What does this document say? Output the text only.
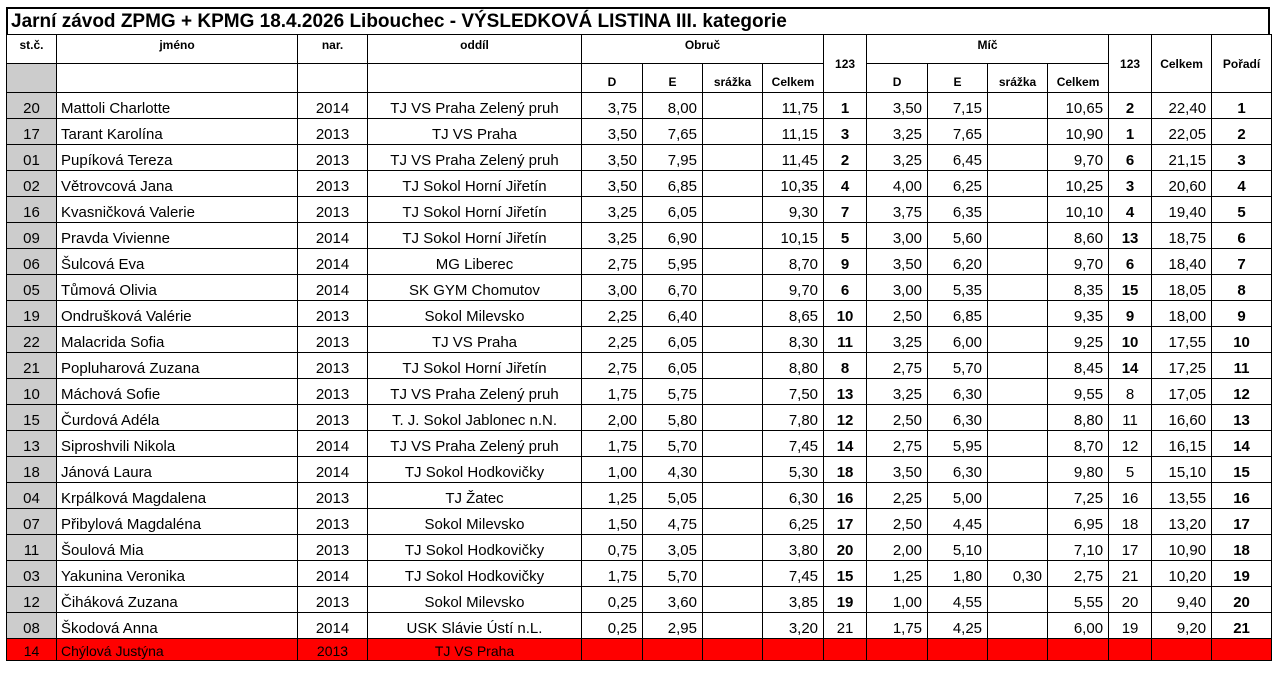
Jarní závod ZPMG + KPMG 18.4.2026 Libouchec - VÝSLEDKOVÁ LISTINA III. kategorie
st.č.	jméno	nar.	oddíl	Obruč				123	Míč				123	Celkem	Pořadí
				D	E	srážka	Celkem		D	E	srážka	Celkem			
20	Mattoli Charlotte	2014	TJ VS Praha Zelený pruh	3,75	8,00		11,75	1	3,50	7,15		10,65	2	22,40	1
17	Tarant Karolína	2013	TJ VS Praha	3,50	7,65		11,15	3	3,25	7,65		10,90	1	22,05	2
01	Pupíková Tereza	2013	TJ VS Praha Zelený pruh	3,50	7,95		11,45	2	3,25	6,45		9,70	6	21,15	3
02	Větrovcová Jana	2013	TJ Sokol Horní Jiřetín	3,50	6,85		10,35	4	4,00	6,25		10,25	3	20,60	4
16	Kvasničková Valerie	2013	TJ Sokol Horní Jiřetín	3,25	6,05		9,30	7	3,75	6,35		10,10	4	19,40	5
09	Pravda Vivienne	2014	TJ Sokol Horní Jiřetín	3,25	6,90		10,15	5	3,00	5,60		8,60	13	18,75	6
06	Šulcová Eva	2014	MG Liberec	2,75	5,95		8,70	9	3,50	6,20		9,70	6	18,40	7
05	Tůmová Olivia	2014	SK GYM Chomutov	3,00	6,70		9,70	6	3,00	5,35		8,35	15	18,05	8
19	Ondrušková Valérie	2013	Sokol Milevsko	2,25	6,40		8,65	10	2,50	6,85		9,35	9	18,00	9
22	Malacrida Sofia	2013	TJ VS Praha	2,25	6,05		8,30	11	3,25	6,00		9,25	10	17,55	10
21	Popluharová Zuzana	2013	TJ Sokol Horní Jiřetín	2,75	6,05		8,80	8	2,75	5,70		8,45	14	17,25	11
10	Máchová Sofie	2013	TJ VS Praha Zelený pruh	1,75	5,75		7,50	13	3,25	6,30		9,55	8	17,05	12
15	Čurdová Adéla	2013	T. J. Sokol Jablonec n.N.	2,00	5,80		7,80	12	2,50	6,30		8,80	11	16,60	13
13	Siproshvili Nikola	2014	TJ VS Praha Zelený pruh	1,75	5,70		7,45	14	2,75	5,95		8,70	12	16,15	14
18	Jánová Laura	2014	TJ Sokol Hodkovičky	1,00	4,30		5,30	18	3,50	6,30		9,80	5	15,10	15
04	Krpálková Magdalena	2013	TJ Žatec	1,25	5,05		6,30	16	2,25	5,00		7,25	16	13,55	16
07	Přibylová Magdaléna	2013	Sokol Milevsko	1,50	4,75		6,25	17	2,50	4,45		6,95	18	13,20	17
11	Šoulová Mia	2013	TJ Sokol Hodkovičky	0,75	3,05		3,80	20	2,00	5,10		7,10	17	10,90	18
03	Yakunina Veronika	2014	TJ Sokol Hodkovičky	1,75	5,70		7,45	15	1,25	1,80	0,30	2,75	21	10,20	19
12	Čiháková Zuzana	2013	Sokol Milevsko	0,25	3,60		3,85	19	1,00	4,55		5,55	20	9,40	20
08	Škodová Anna	2014	USK Slávie Ústí n.L.	0,25	2,95		3,20	21	1,75	4,25		6,00	19	9,20	21
14	Chýlová Justýna	2013	TJ VS Praha												
